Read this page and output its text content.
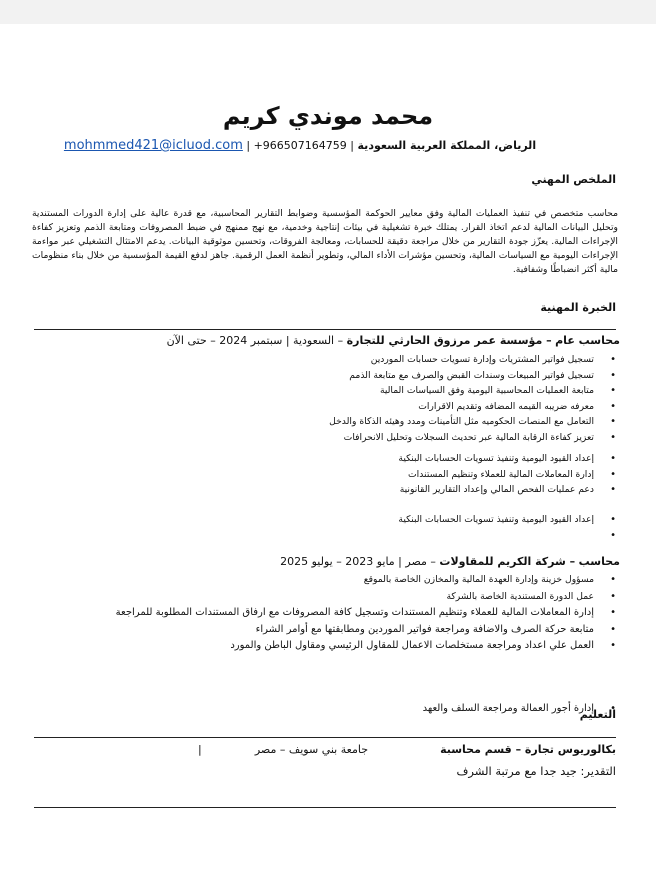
محمد موندي كريم
mohmmed421@icluod.com | +966507164759 | الرياض، المملكة العربية السعودية
الملخص المهني
محاسب متخصص في تنفيذ العمليات المالية وفق معايير الحوكمة المؤسسية وضوابط التقارير المحاسبية، مع قدرة عالية على إدارة الدورات المستندية وتحليل البيانات المالية لدعم اتخاذ القرار. يمتلك خبرة تشغيلية في بيئات إنتاجية وخدمية، مع نهج ممنهج في ضبط المصروفات ومتابعة الذمم وتعزيز كفاءة الإجراءات المالية. يعزّز جودة التقارير من خلال مراجعة دقيقة للحسابات، ومعالجة الفروقات، وتحسين موثوقية البيانات. يدعم الامتثال التشغيلي عبر مواءمة الإجراءات اليومية مع السياسات المالية، وتحسين مؤشرات الأداء المالي، وتطوير أنظمة العمل الرقمية. جاهز لدفع القيمة المؤسسية من خلال بناء منظومات مالية أكثر انضباطًا وشفافية.
الخبرة المهنية
محاسب عام – مؤسسة عمر مرزوق الحارثي للتجارة – السعودية | سبتمبر 2024 – حتى الآن
• تسجيل فواتير المشتريات وإدارة تسويات حسابات الموردين
• تسجيل فواتير المبيعات وسندات القبض والصرف مع متابعة الذمم
• متابعة العمليات المحاسبية اليومية وفق السياسات المالية
• معرفه ضريبه القيمه المضافه وتقديم الاقرارات
• التعامل مع المنصات الحكوميه مثل التأمينات ومدد وهيئه الذكاة والدخل
• تعزيز كفاءة الرقابة المالية عبر تحديث السجلات وتحليل الانحرافات
• إعداد القيود اليومية وتنفيذ تسويات الحسابات البنكية
• إدارة المعاملات المالية للعملاء وتنظيم المستندات
• دعم عمليات الفحص المالي وإعداد التقارير القانونية
• إعداد القيود اليومية وتنفيذ تسويات الحسابات البنكية
•
محاسب – شركة الكريم للمقاولات – مصر | مايو 2023 – يوليو 2025
• مسؤول خزينة وإدارة العهدة المالية والمخازن الخاصة بالموقع
• عمل الدورة المستندية الخاصة بالشركة
• إدارة المعاملات المالية للعملاء وتنظيم المستندات وتسجيل كافة المصروفات مع ارفاق المستندات المطلوبة للمراجعة
• متابعة حركة الصرف والاضافة ومراجعة فواتير الموردين ومطابقتها مع أوامر الشراء
• العمل علي اعداد ومراجعة مستخلصات الاعمال للمقاول الرئيسي ومقاول الباطن والمورد
• إدارة أجور العمالة ومراجعة السلف والعهد
التعليم
بكالوريوس تجارة – قسم محاسبة
جامعة بني سويف – مصر
|
التقدير: جيد جدا مع مرتبة الشرف
